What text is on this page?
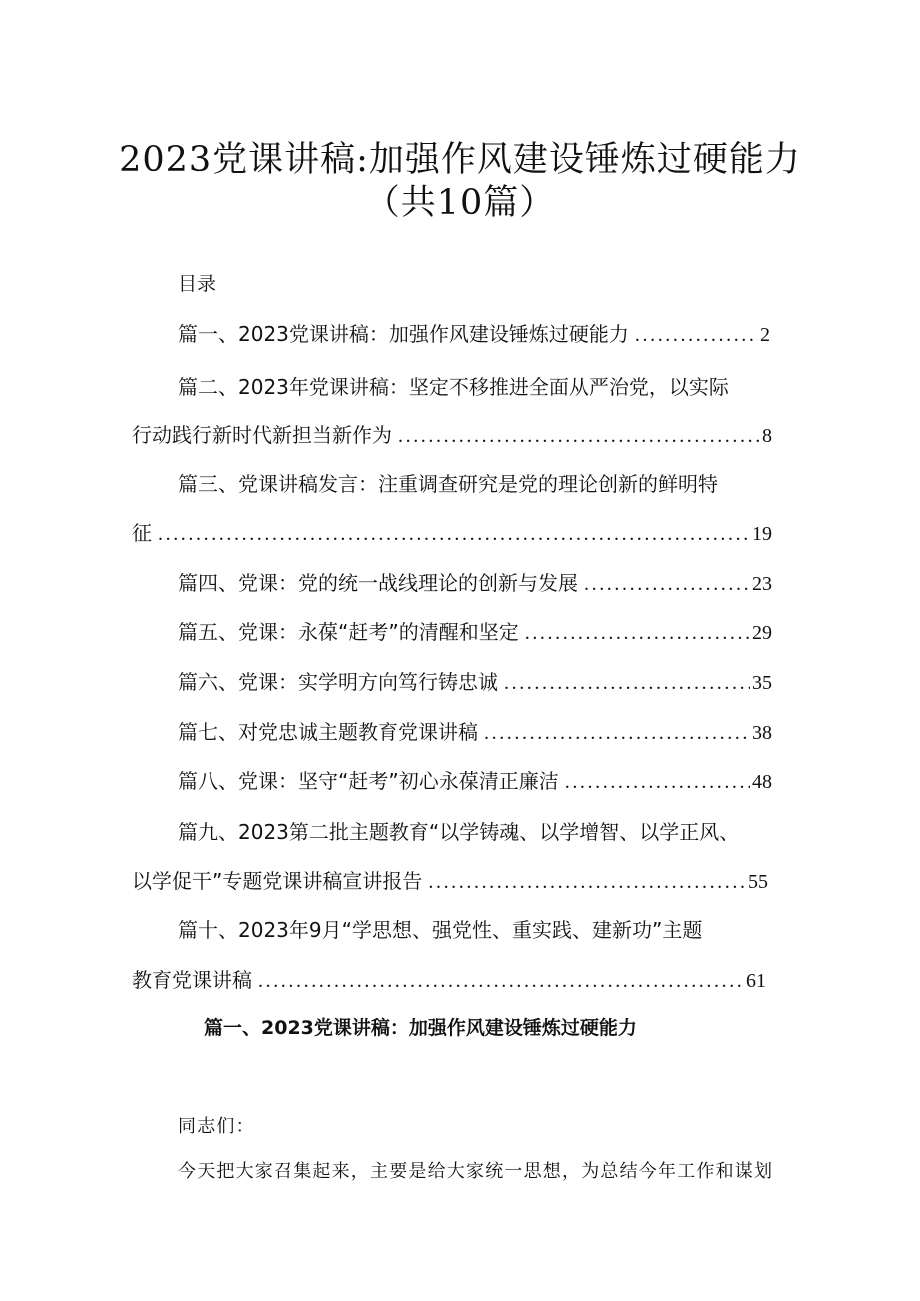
2023党课讲稿:加强作风建设锤炼过硬能力
（共10篇）
目录
篇一、2023党课讲稿：加强作风建设锤炼过硬能力 .....	2
篇二、2023年党课讲稿：坚定不移推进全面从严治党，以实际
行动践行新时代新担当新作为 .....	8
篇三、党课讲稿发言：注重调查研究是党的理论创新的鲜明特
征 .....	19
篇四、党课：党的统一战线理论的创新与发展 .....	23
篇五、党课：永葆“赶考”的清醒和坚定 .....	29
篇六、党课：实学明方向笃行铸忠诚 .....	35
篇七、对党忠诚主题教育党课讲稿 .....	38
篇八、党课：坚守“赶考”初心永葆清正廉洁 .....	48
篇九、2023第二批主题教育“以学铸魂、以学增智、以学正风、
以学促干”专题党课讲稿宣讲报告 .....	55
篇十、2023年9月“学思想、强党性、重实践、建新功”主题
教育党课讲稿 .....	61
篇一、2023党课讲稿：加强作风建设锤炼过硬能力
同志们：
今天把大家召集起来，主要是给大家统一思想，为总结今年工作和谋划
